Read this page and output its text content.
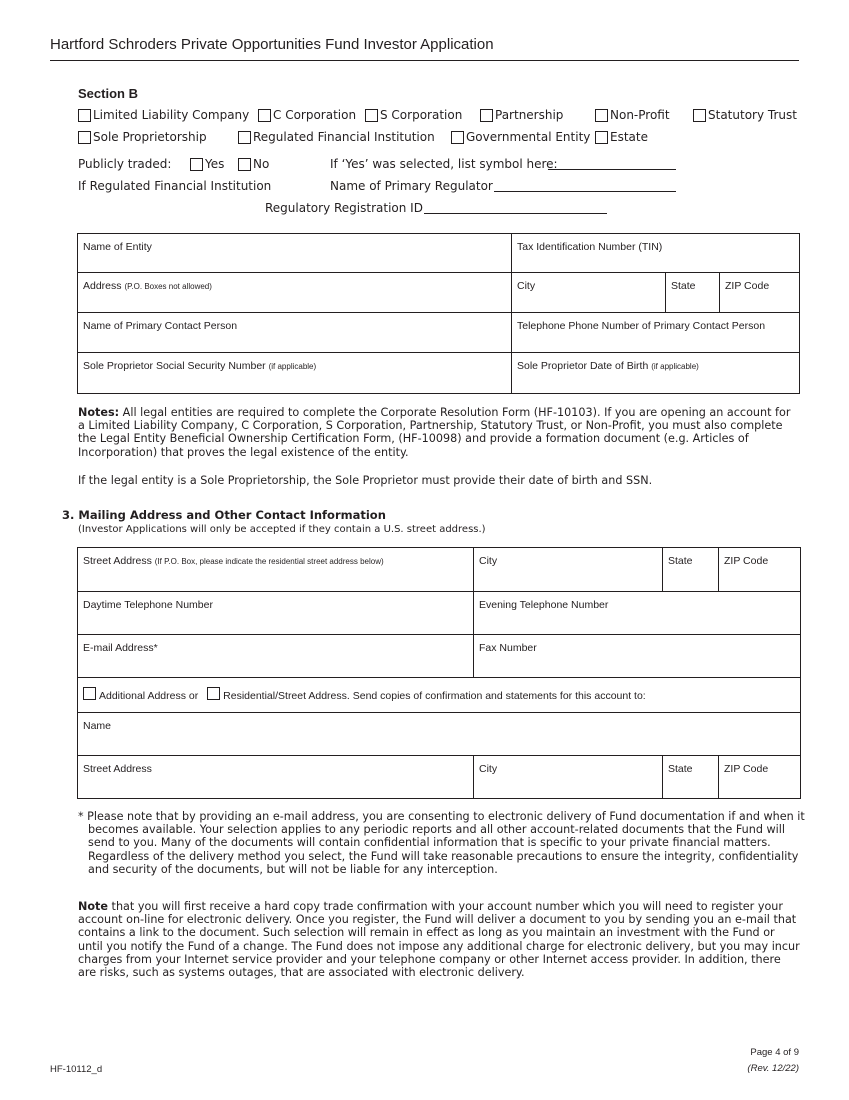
Hartford Schroders Private Opportunities Fund Investor Application
Section B
Limited Liability Company C Corporation S Corporation	Partnership	Non-Profit	Statutory Trust
Sole Proprietorship	Regulated Financial Institution	Governmental Entity Estate
Publicly traded:	Yes No	If ‘Yes’ was selected, list symbol here:
If Regulated Financial Institution	Name of Primary Regulator
Regulatory Registration ID
Name of Entity	Tax Identification Number (TIN)		
Address (P.O. Boxes not allowed)	City	State	ZIP Code
Name of Primary Contact Person	Telephone Phone Number of Primary Contact Person		
Sole Proprietor Social Security Number (if applicable)	Sole Proprietor Date of Birth (if applicable)		
Notes: All legal entities are required to complete the Corporate Resolution Form (HF-10103). If you are opening an account for a Limited Liability Company, C Corporation, S Corporation, Partnership, Statutory Trust, or Non-Profit, you must also complete the Legal Entity Beneficial Ownership Certification Form, (HF-10098) and provide a formation document (e.g. Articles of Incorporation) that proves the legal existence of the entity.
If the legal entity is a Sole Proprietorship, the Sole Proprietor must provide their date of birth and SSN.
3. Mailing Address and Other Contact Information
(Investor Applications will only be accepted if they contain a U.S. street address.)
Street Address (If P.O. Box, please indicate the residential street address below)	City	State	ZIP Code
Daytime Telephone Number	Evening Telephone Number		
E-mail Address*	Fax Number		
Additional Address or Residential/Street Address. Send copies of confirmation and statements for this account to:			
Name			
Street Address	City	State	ZIP Code
* Please note that by providing an e-mail address, you are consenting to electronic delivery of Fund documentation if and when it becomes available. Your selection applies to any periodic reports and all other account-related documents that the Fund will send to you. Many of the documents will contain confidential information that is specific to your private financial matters. Regardless of the delivery method you select, the Fund will take reasonable precautions to ensure the integrity, confidentiality and security of the documents, but will not be liable for any interception.
Note that you will first receive a hard copy trade confirmation with your account number which you will need to register your account on-line for electronic delivery. Once you register, the Fund will deliver a document to you by sending you an e-mail that contains a link to the document. Such selection will remain in effect as long as you maintain an investment with the Fund or until you notify the Fund of a change. The Fund does not impose any additional charge for electronic delivery, but you may incur charges from your Internet service provider and your telephone company or other Internet access provider. In addition, there are risks, such as systems outages, that are associated with electronic delivery.
HF-10112_d
Page 4 of 9
(Rev. 12/22)
